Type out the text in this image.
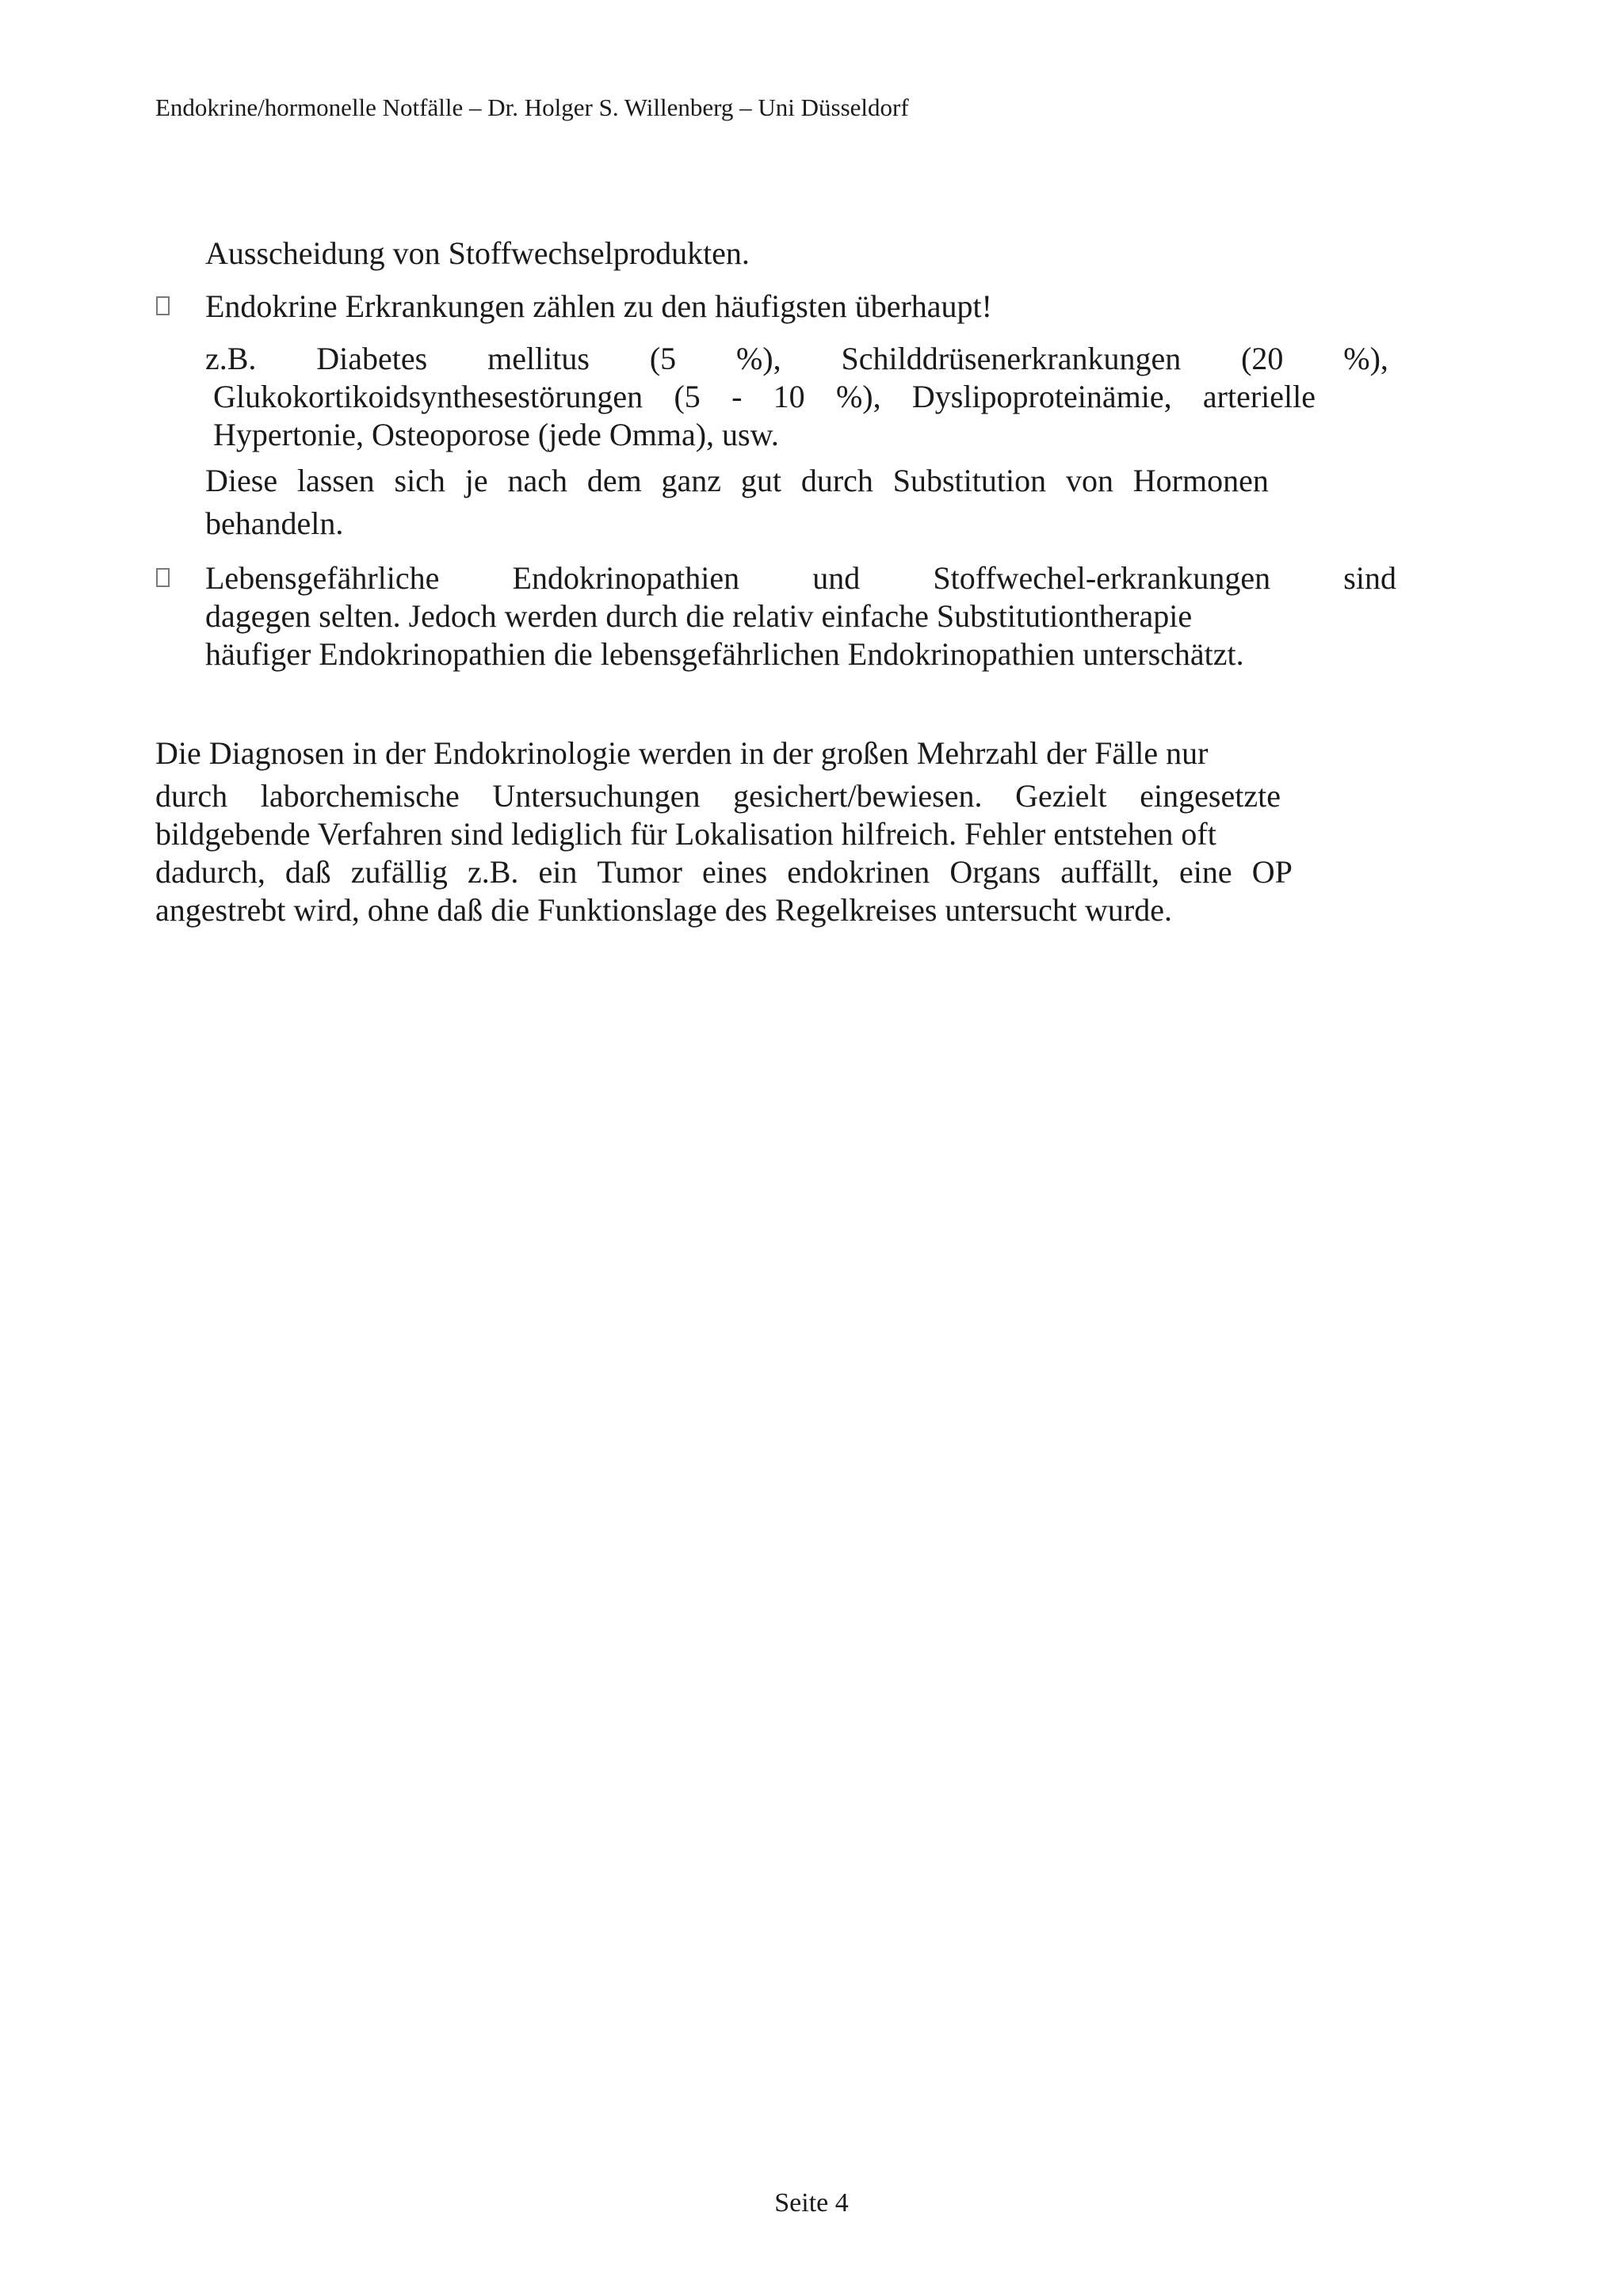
Endokrine/hormonelle Notfälle – Dr. Holger S. Willenberg – Uni Düsseldorf
Ausscheidung von Stoffwechselprodukten.
Endokrine Erkrankungen zählen zu den häufigsten überhaupt!
z.B. Diabetes mellitus (5 %), Schilddrüsenerkrankungen (20 %),
Glukokortikoidsynthesestörungen (5 - 10 %), Dyslipoproteinämie, arterielle
Hypertonie, Osteoporose (jede Omma), usw.
Diese lassen sich je nach dem ganz gut durch Substitution von Hormonen
behandeln.
Lebensgefährliche Endokrinopathien und Stoffwechel-erkrankungen sind
dagegen selten. Jedoch werden durch die relativ einfache Substitutiontherapie
häufiger Endokrinopathien die lebensgefährlichen Endokrinopathien unterschätzt.
Die Diagnosen in der Endokrinologie werden in der großen Mehrzahl der Fälle nur
durch laborchemische Untersuchungen gesichert/bewiesen. Gezielt eingesetzte
bildgebende Verfahren sind lediglich für Lokalisation hilfreich. Fehler entstehen oft
dadurch, daß zufällig z.B. ein Tumor eines endokrinen Organs auffällt, eine OP
angestrebt wird, ohne daß die Funktionslage des Regelkreises untersucht wurde.
Seite 4
